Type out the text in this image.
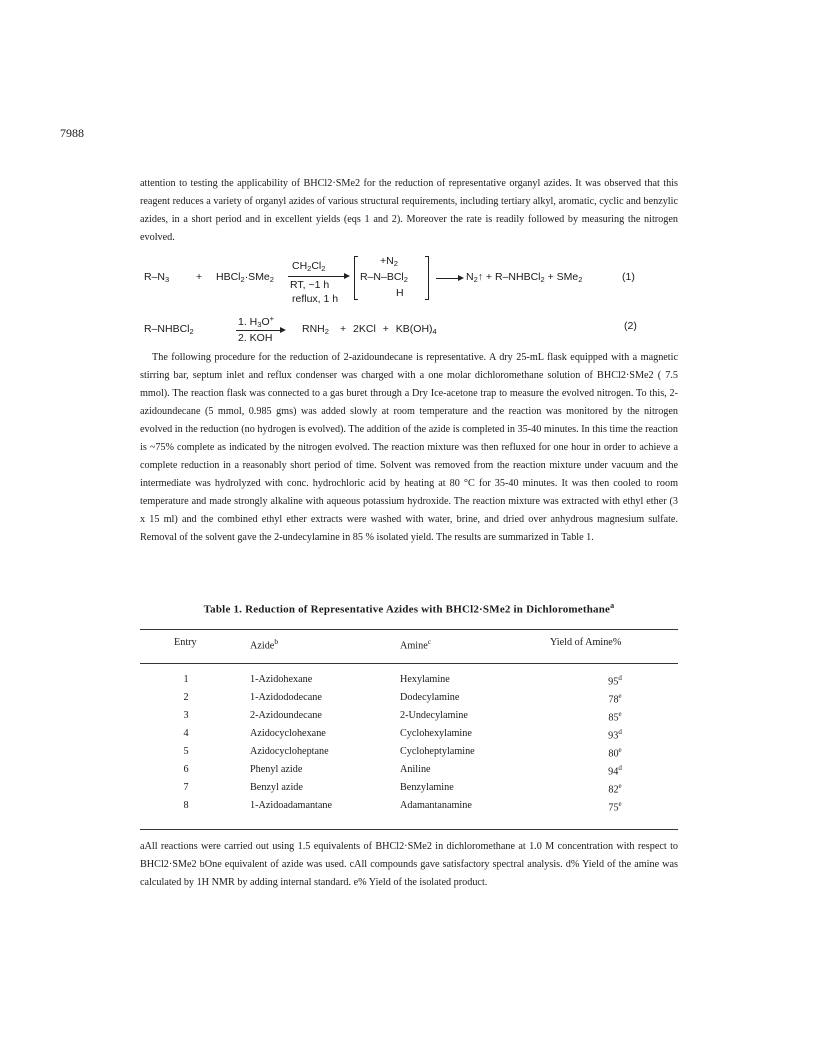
7988
attention to testing the applicability of BHCl2·SMe2 for the reduction of representative organyl azides. It was observed that this reagent reduces a variety of organyl azides of various structural requirements, including tertiary alkyl, aromatic, cyclic and benzylic azides, in a short period and in excellent yields (eqs 1 and 2). Moreover the rate is readily followed by measuring the nitrogen evolved.
$R-N_3$	+ HBCl$_2$·SMe$_2$
$CH_2Cl_2$
RT, ~1 h
reflux, 1 h
$+N_2$
R–N–BCl$_2$
H
$N_2↑$ + R–NHBCl$_2$ + SMe$_2$	(1)
R–NHBCl$_2$
1. $H_3O^+$
2. KOH
$RNH_2 + 2KCl + KB(OH)_4$	(2)
The following procedure for the reduction of 2-azidoundecane is representative. A dry 25-mL flask equipped with a magnetic stirring bar, septum inlet and reflux condenser was charged with a one molar dichloromethane solution of BHCl2·SMe2 ( 7.5 mmol). The reaction flask was connected to a gas buret through a Dry Ice-acetone trap to measure the evolved nitrogen. To this, 2-azidoundecane (5 mmol, 0.985 gms) was added slowly at room temperature and the reaction was monitored by the nitrogen evolved in the reduction (no hydrogen is evolved). The addition of the azide is completed in 35-40 minutes. In this time the reaction is ~75% complete as indicated by the nitrogen evolved. The reaction mixture was then refluxed for one hour in order to achieve a complete reduction in a reasonably short period of time. Solvent was removed from the reaction mixture under vacuum and the intermediate was hydrolyzed with conc. hydrochloric acid by heating at 80 °C for 35-40 minutes. It was then cooled to room temperature and made strongly alkaline with aqueous potassium hydroxide. The reaction mixture was extracted with ethyl ether (3 x 15 ml) and the combined ethyl ether extracts were washed with water, brine, and dried over anhydrous magnesium sulfate. Removal of the solvent gave the 2-undecylamine in 85 % isolated yield. The results are summarized in Table 1.
Table 1. Reduction of Representative Azides with BHCl2·SMe2 in Dichloromethane$^a$
Entry	Azide$^b$	Amine$^c$	Yield of Amine%
1	1-Azidohexane	Hexylamine	95$^d$
2	1-Azidododecane	Dodecylamine	78e
3	2-Azidoundecane	2-Undecylamine	85e
4	Azidocyclohexane	Cyclohexylamine	93$^d$
5	Azidocycloheptane	Cycloheptylamine	80e
6	Phenyl azide	Aniline	94$^d$
7	Benzyl azide	Benzylamine	82e
8	1-Azidoadamantane	Adamantanamine	75e
aAll reactions were carried out using 1.5 equivalents of BHCl2·SMe2 in dichloromethane at 1.0 M concentration with respect to BHCl2·SMe2 bOne equivalent of azide was used. cAll compounds gave satisfactory spectral analysis. d% Yield of the amine was calculated by 1H NMR by adding internal standard. e% Yield of the isolated product.
